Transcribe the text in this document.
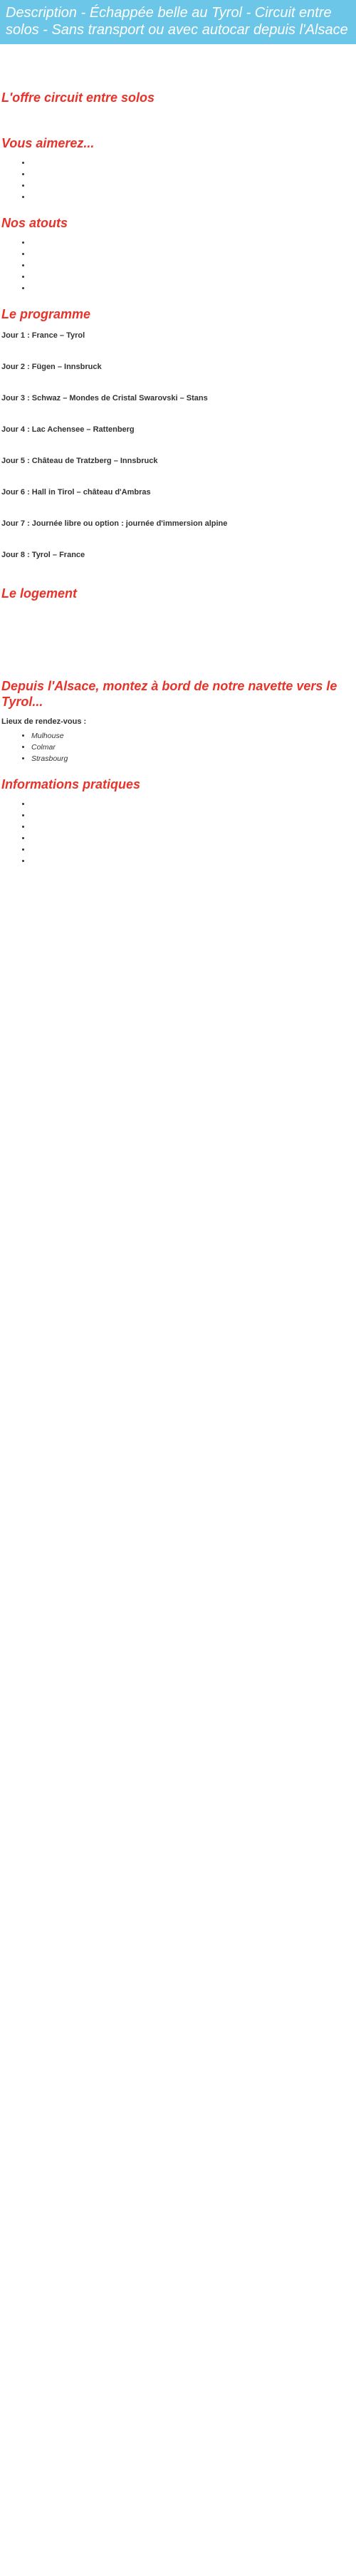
Description - Échappée belle au Tyrol - Circuit entre solos - Sans transport ou avec autocar depuis l'Alsace

L'offre circuit entre solos

Vous aimerez...
•
•
•
•
Nos atouts
•
•
•
•
•
Le programme
Jour 1 : France – Tyrol

Jour 2 : Fügen – Innsbruck

Jour 3 : Schwaz – Mondes de Cristal Swarovski – Stans

Jour 4 : Lac Achensee – Rattenberg

Jour 5 : Château de Tratzberg – Innsbruck

Jour 6 : Hall in Tirol – château d'Ambras

Jour 7 : Journée libre ou option : journée d'immersion alpine

Jour 8 : Tyrol – France

Le logement

Depuis l'Alsace, montez à bord de notre navette vers le Tyrol...
Lieux de rendez-vous :
• Mulhouse
• Colmar
• Strasbourg
Informations pratiques
•
•
•
•
•
•
